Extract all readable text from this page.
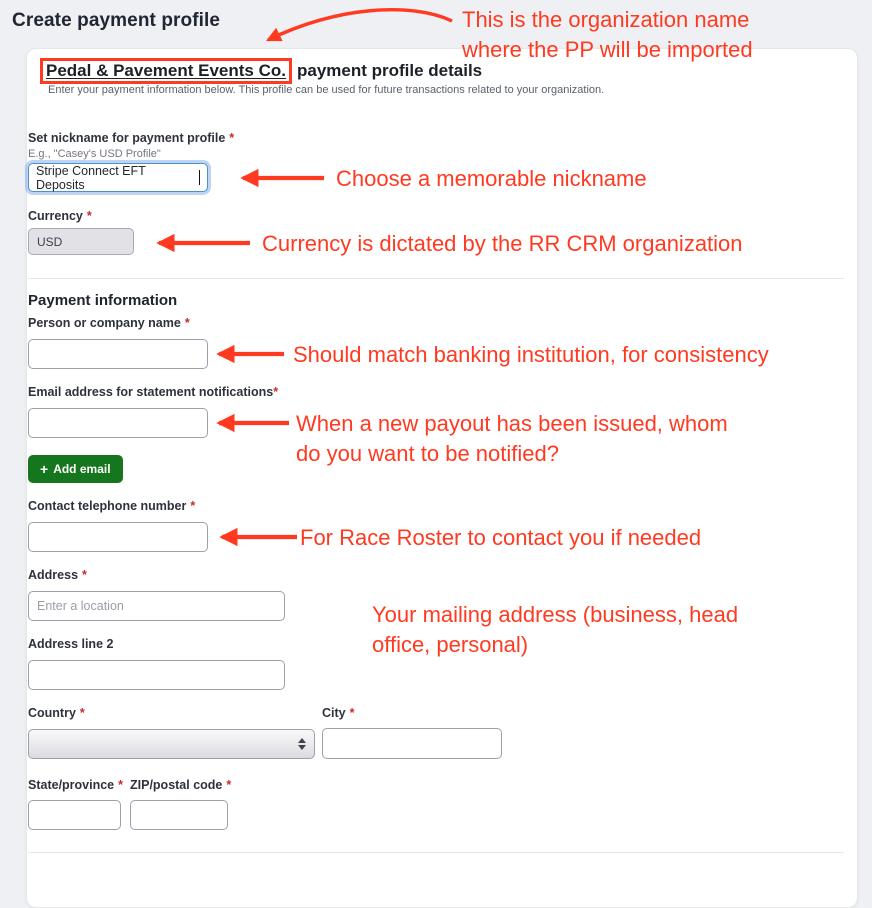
Create payment profile
Pedal & Pavement Events Co. payment profile details

Enter your payment information below. This profile can be used for future transactions related to your organization.

Set nickname for payment profile *
E.g., "Casey's USD Profile"
Stripe Connect EFT Deposits
Currency *
USD
Payment information
Person or company name *
Email address for statement notifications*
+ Add email
Contact telephone number *
Address *
Enter a location
Address line 2
Country *	City *
State/province * ZIP/postal code *
This is the organization name
where the PP will be imported
Choose a memorable nickname
Currency is dictated by the RR CRM organization
Should match banking institution, for consistency
When a new payout has been issued, whom
do you want to be notified?
For Race Roster to contact you if needed
Your mailing address (business, head
office, personal)
